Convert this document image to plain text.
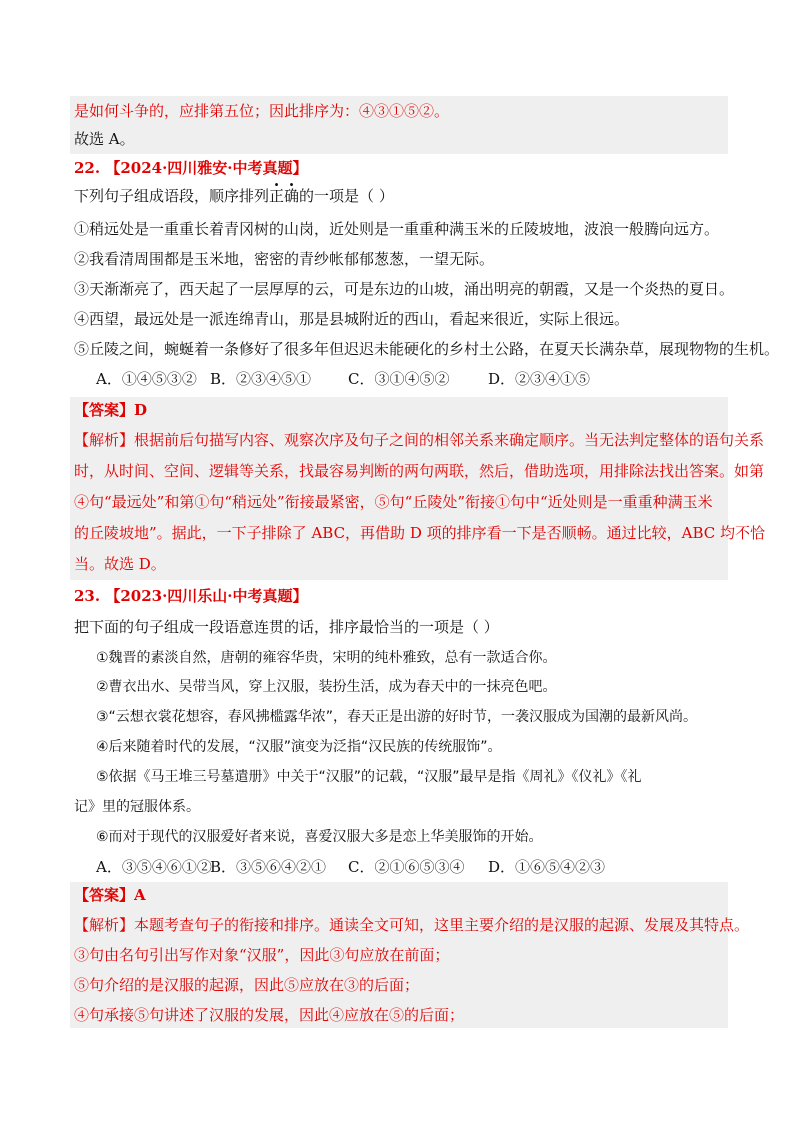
是如何斗争的，应排第五位；因此排序为：④③①⑤②。
故选 A。
22. 【2024·四川雅安·中考真题】
下列句子组成语段，顺序排列正确的一项是（ ）
①稍远处是一重重长着青冈树的山岗，近处则是一重重种满玉米的丘陵坡地，波浪一般腾向远方。
②我看清周围都是玉米地，密密的青纱帐郁郁葱葱，一望无际。
③天渐渐亮了，西天起了一层厚厚的云，可是东边的山坡，涌出明亮的朝霞，又是一个炎热的夏日。
④西望，最远处是一派连绵青山，那是县城附近的西山，看起来很近，实际上很远。
⑤丘陵之间，蜿蜒着一条修好了很多年但迟迟未能硬化的乡村土公路，在夏天长满杂草，展现物物的生机。
A．①④⑤③② B．②③④⑤① C．③①④⑤②	D．②③④①⑤
【答案】D
【解析】根据前后句描写内容、观察次序及句子之间的相邻关系来确定顺序。当无法判定整体的语句关系
时，从时间、空间、逻辑等关系，找最容易判断的两句两联，然后，借助选项，用排除法找出答案。如第
④句“最远处”和第①句“稍远处”衔接最紧密，⑤句“丘陵处”衔接①句中“近处则是一重重种满玉米
的丘陵坡地”。据此，一下子排除了 ABC，再借助 D 项的排序看一下是否顺畅。通过比较，ABC 均不恰
当。故选 D。
23. 【2023·四川乐山·中考真题】
把下面的句子组成一段语意连贯的话，排序最恰当的一项是（ ）
①魏晋的素淡自然，唐朝的雍容华贵，宋明的纯朴雅致，总有一款适合你。
②曹衣出水、吴带当风，穿上汉服，装扮生活，成为春天中的一抹亮色吧。
③“云想衣裳花想容，春风拂槛露华浓”，春天正是出游的好时节，一袭汉服成为国潮的最新风尚。
④后来随着时代的发展，“汉服”演变为泛指“汉民族的传统服饰”。
⑤依据《马王堆三号墓遣册》中关于“汉服”的记载，“汉服”最早是指《周礼》《仪礼》《礼
记》里的冠服体系。
⑥而对于现代的汉服爱好者来说，喜爱汉服大多是恋上华美服饰的开始。
A．③⑤④⑥①②B．③⑤⑥④②① C．②①⑥⑤③④ D．①⑥⑤④②③
【答案】A
【解析】本题考查句子的衔接和排序。通读全文可知，这里主要介绍的是汉服的起源、发展及其特点。
③句由名句引出写作对象“汉服”，因此③句应放在前面；
⑤句介绍的是汉服的起源，因此⑤应放在③的后面；
④句承接⑤句讲述了汉服的发展，因此④应放在⑤的后面；
